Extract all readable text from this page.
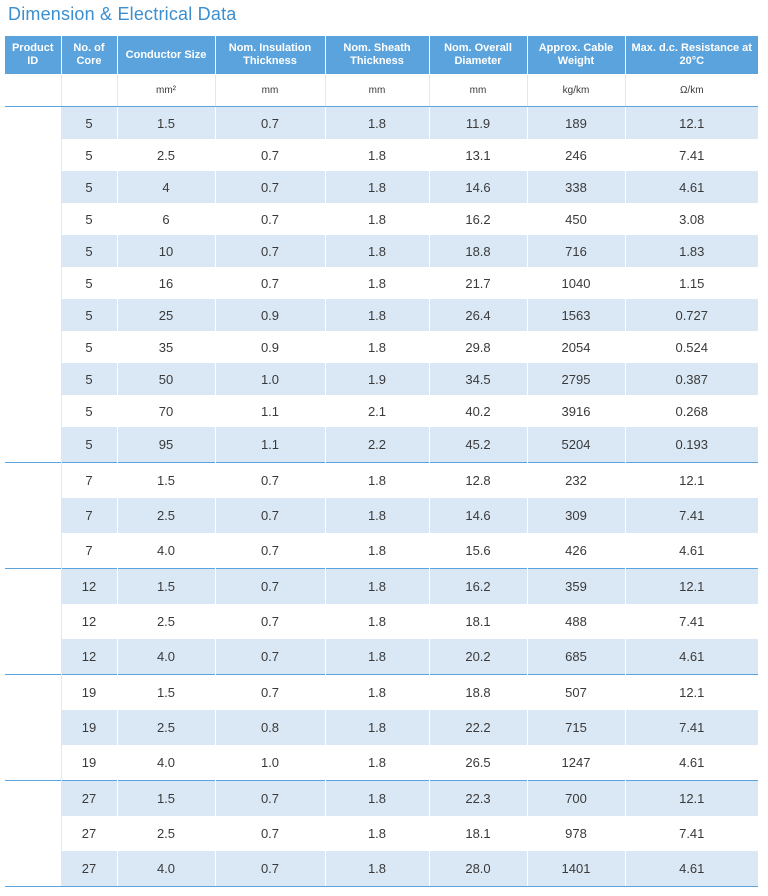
Dimension & Electrical Data
Product ID	No. of Core	Conductor Size	Nom. Insulation Thickness	Nom. Sheath Thickness	Nom. Overall Diameter	Approx. Cable Weight	Max. d.c. Resistance at 20°C
		mm²	mm	mm	mm	kg/km	Ω/km
	5	1.5	0.7	1.8	11.9	189	12.1
	5	2.5	0.7	1.8	13.1	246	7.41
	5	4	0.7	1.8	14.6	338	4.61
	5	6	0.7	1.8	16.2	450	3.08
	5	10	0.7	1.8	18.8	716	1.83
	5	16	0.7	1.8	21.7	1040	1.15
	5	25	0.9	1.8	26.4	1563	0.727
	5	35	0.9	1.8	29.8	2054	0.524
	5	50	1.0	1.9	34.5	2795	0.387
	5	70	1.1	2.1	40.2	3916	0.268
	5	95	1.1	2.2	45.2	5204	0.193
	7	1.5	0.7	1.8	12.8	232	12.1
	7	2.5	0.7	1.8	14.6	309	7.41
	7	4.0	0.7	1.8	15.6	426	4.61
	12	1.5	0.7	1.8	16.2	359	12.1
	12	2.5	0.7	1.8	18.1	488	7.41
	12	4.0	0.7	1.8	20.2	685	4.61
	19	1.5	0.7	1.8	18.8	507	12.1
	19	2.5	0.8	1.8	22.2	715	7.41
	19	4.0	1.0	1.8	26.5	1247	4.61
	27	1.5	0.7	1.8	22.3	700	12.1
	27	2.5	0.7	1.8	18.1	978	7.41
	27	4.0	0.7	1.8	28.0	1401	4.61
